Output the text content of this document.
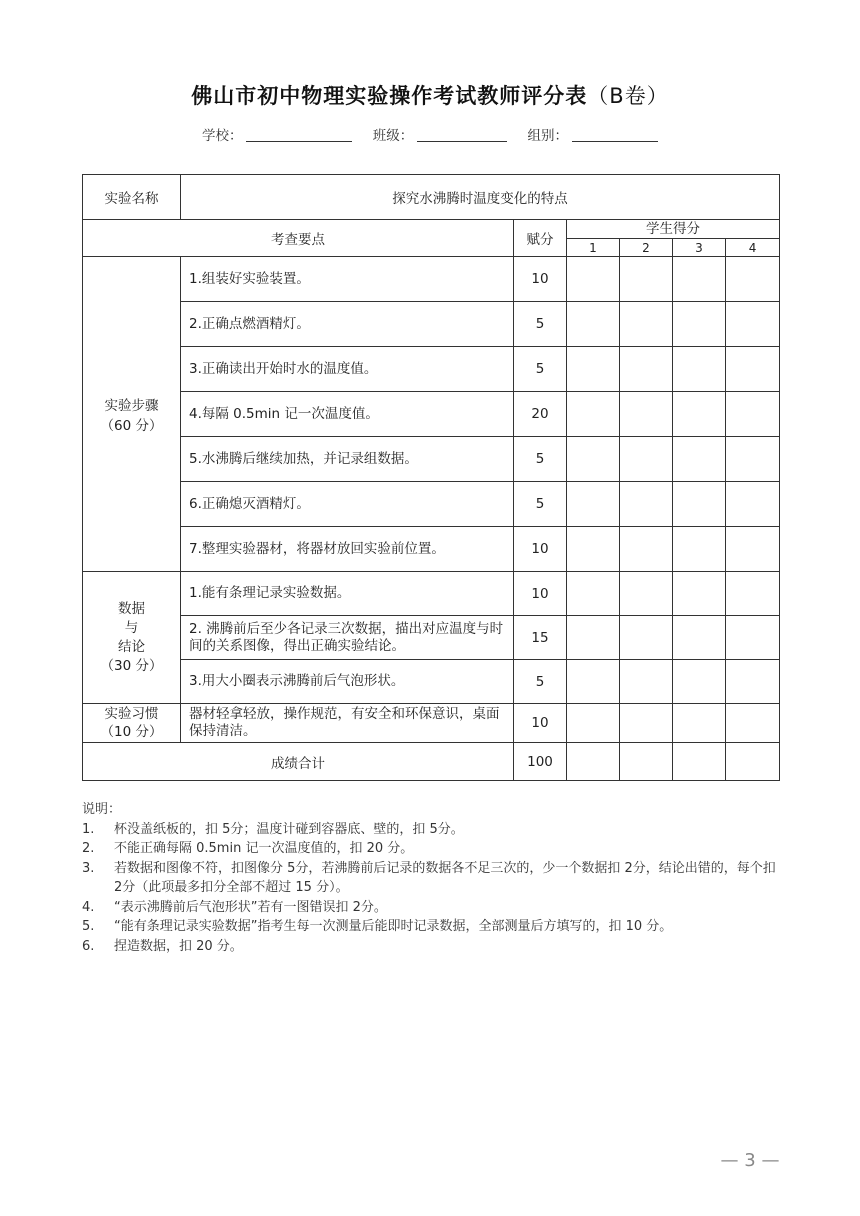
佛山市初中物理实验操作考试教师评分表（B卷）
学校：	班级：	组别：
实验名称	探究水沸腾时温度变化的特点					
考查要点		赋分	学生得分			
			1	2	3	4

实验步骤
（60 分）	1.组装好实验装置。	10				
	2.正确点燃酒精灯。	5				
	3.正确读出开始时水的温度值。	5				
	4.每隔 0.5min 记一次温度值。	20				
	5.水沸腾后继续加热，并记录组数据。	5				
	6.正确熄灭酒精灯。	5				
	7.整理实验器材，将器材放回实验前位置。	10				

数据
与
结论
（30 分）	1.能有条理记录实验数据。	10				
	2. 沸腾前后至少各记录三次数据，描出对应温度与时间的关系图像，得出正确实验结论。	15				
	3.用大小圈表示沸腾前后气泡形状。	5				

实验习惯
（10 分）	器材轻拿轻放，操作规范，有安全和环保意识，桌面保持清洁。	10				
成绩合计		100				
说明：
1.	杯没盖纸板的，扣 5分；温度计碰到容器底、壁的，扣 5分。
2.	不能正确每隔 0.5min 记一次温度值的，扣 20 分。
3.	若数据和图像不符，扣图像分 5分，若沸腾前后记录的数据各不足三次的，少一个数据扣 2分，结论出错的，每个扣 2分（此项最多扣分全部不超过 15 分）。
4.	“表示沸腾前后气泡形状”若有一图错误扣 2分。
5.	“能有条理记录实验数据”指考生每一次测量后能即时记录数据，全部测量后方填写的，扣 10 分。
6.	捏造数据，扣 20 分。
— 3 —
